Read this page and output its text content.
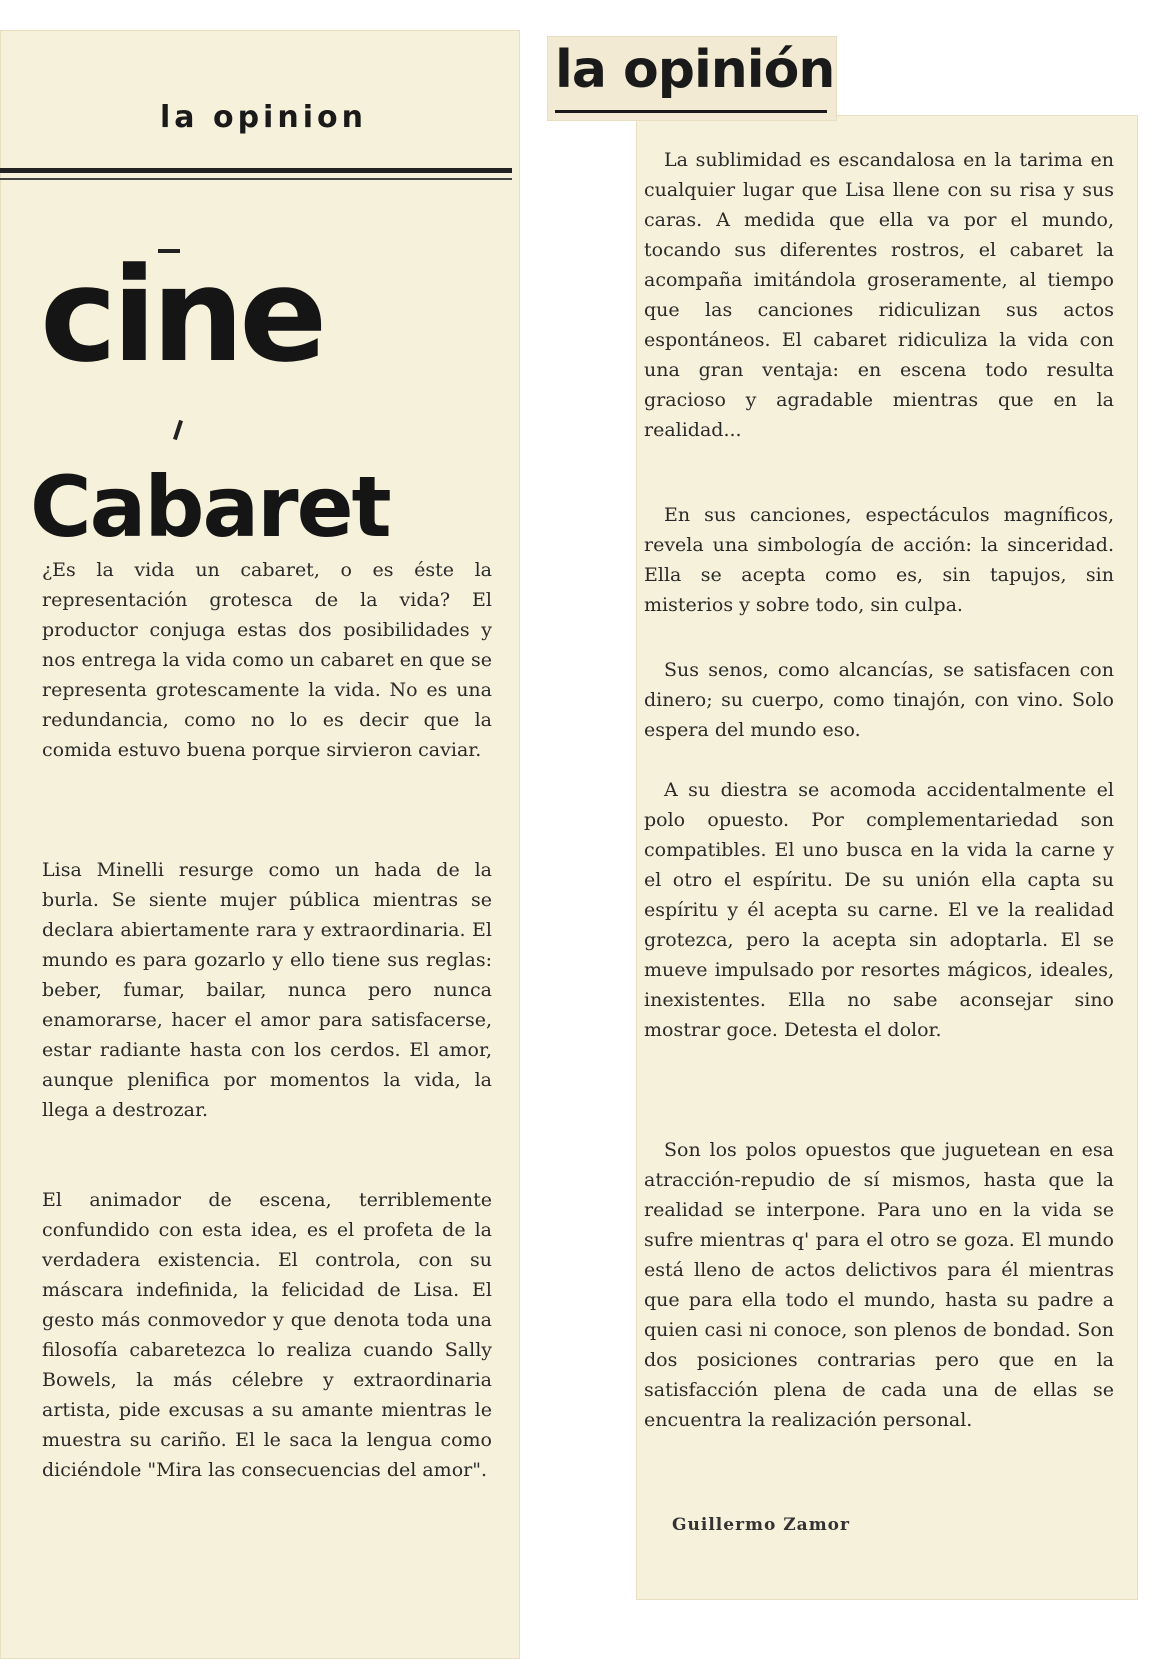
la opinión
la opinion
cine
Cabaret

¿Es la vida un cabaret, o es éste la representación grotesca de la vida? El productor conjuga estas dos posibilidades y nos entrega la vida como un cabaret en que se representa grotescamente la vida. No es una redundancia, como no lo es decir que la comida estuvo buena porque sirvieron caviar.

Lisa Minelli resurge como un hada de la burla. Se siente mujer pública mientras se declara abiertamente rara y extraordinaria. El mundo es para gozarlo y ello tiene sus reglas: beber, fumar, bailar, nunca pero nunca enamorarse, hacer el amor para satisfacerse, estar radiante hasta con los cerdos. El amor, aunque plenifica por momentos la vida, la llega a destrozar.

El animador de escena, terriblemente confundido con esta idea, es el profeta de la verdadera existencia. El controla, con su máscara indefinida, la felicidad de Lisa. El gesto más conmovedor y que denota toda una filosofía cabaretezca lo realiza cuando Sally Bowels, la más célebre y extraordinaria artista, pide excusas a su amante mientras le muestra su cariño. El le saca la lengua como diciéndole "Mira las consecuencias del amor".

La sublimidad es escandalosa en la tarima en cualquier lugar que Lisa llene con su risa y sus caras. A medida que ella va por el mundo, tocando sus diferentes rostros, el cabaret la acompaña imitándola groseramente, al tiempo que las canciones ridiculizan sus actos espontáneos. El cabaret ridiculiza la vida con una gran ventaja: en escena todo resulta gracioso y agradable mientras que en la realidad...

En sus canciones, espectáculos magníficos, revela una simbología de acción: la sinceridad. Ella se acepta como es, sin tapujos, sin misterios y sobre todo, sin culpa.

Sus senos, como alcancías, se satisfacen con dinero; su cuerpo, como tinajón, con vino. Solo espera del mundo eso.

A su diestra se acomoda accidentalmente el polo opuesto. Por complementariedad son compatibles. El uno busca en la vida la carne y el otro el espíritu. De su unión ella capta su espíritu y él acepta su carne. El ve la realidad grotezca, pero la acepta sin adoptarla. El se mueve impulsado por resortes mágicos, ideales, inexistentes. Ella no sabe aconsejar sino mostrar goce. Detesta el dolor.

Son los polos opuestos que juguetean en esa atracción-repudio de sí mismos, hasta que la realidad se interpone. Para uno en la vida se sufre mientras q' para el otro se goza. El mundo está lleno de actos delictivos para él mientras que para ella todo el mundo, hasta su padre a quien casi ni conoce, son plenos de bondad. Son dos posiciones contrarias pero que en la satisfacción plena de cada una de ellas se encuentra la realización personal.

Guillermo Zamor
